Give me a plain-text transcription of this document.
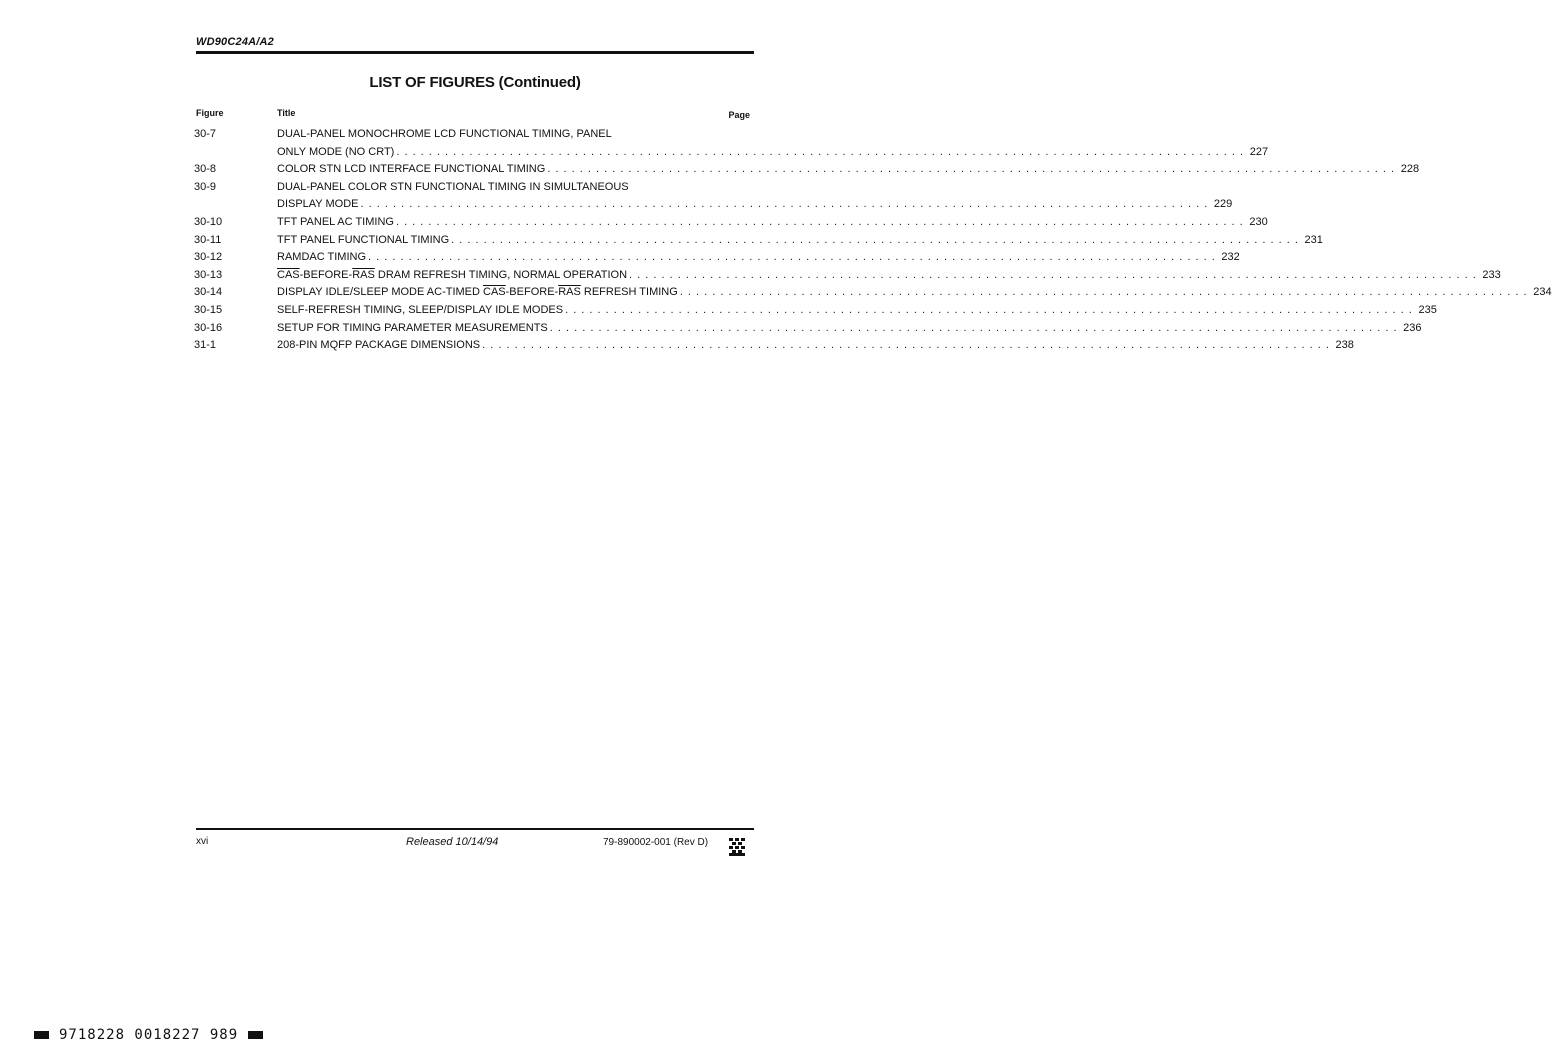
WD90C24A/A2
LIST OF FIGURES (Continued)
Figure	Title	Page
30-7	DUAL-PANEL MONOCHROME LCD FUNCTIONAL TIMING, PANEL
ONLY MODE (NO CRT) . . .	227
30-8	COLOR STN LCD INTERFACE FUNCTIONAL TIMING . . .	228
30-9	DUAL-PANEL COLOR STN FUNCTIONAL TIMING IN SIMULTANEOUS
DISPLAY MODE . . .	229
30-10	TFT PANEL AC TIMING . . .	230
30-11	TFT PANEL FUNCTIONAL TIMING . . .	231
30-12	RAMDAC TIMING . . .	232
30-13	$\overline{CAS}-BEFORE-\overline{RAS}$ DRAM REFRESH TIMING, NORMAL OPERATION . . .	233
30-14	DISPLAY IDLE/SLEEP MODE AC-TIMED $\overline{CAS}-BEFORE-\overline{RAS}$ REFRESH TIMING . . .	234
30-15	SELF-REFRESH TIMING, SLEEP/DISPLAY IDLE MODES . . .	235
30-16	SETUP FOR TIMING PARAMETER MEASUREMENTS . . .	236
31-1	208-PIN MQFP PACKAGE DIMENSIONS . . .	238
xvi	Released 10/14/94	79-890002-001 (Rev D)
9718228 0018227 989
